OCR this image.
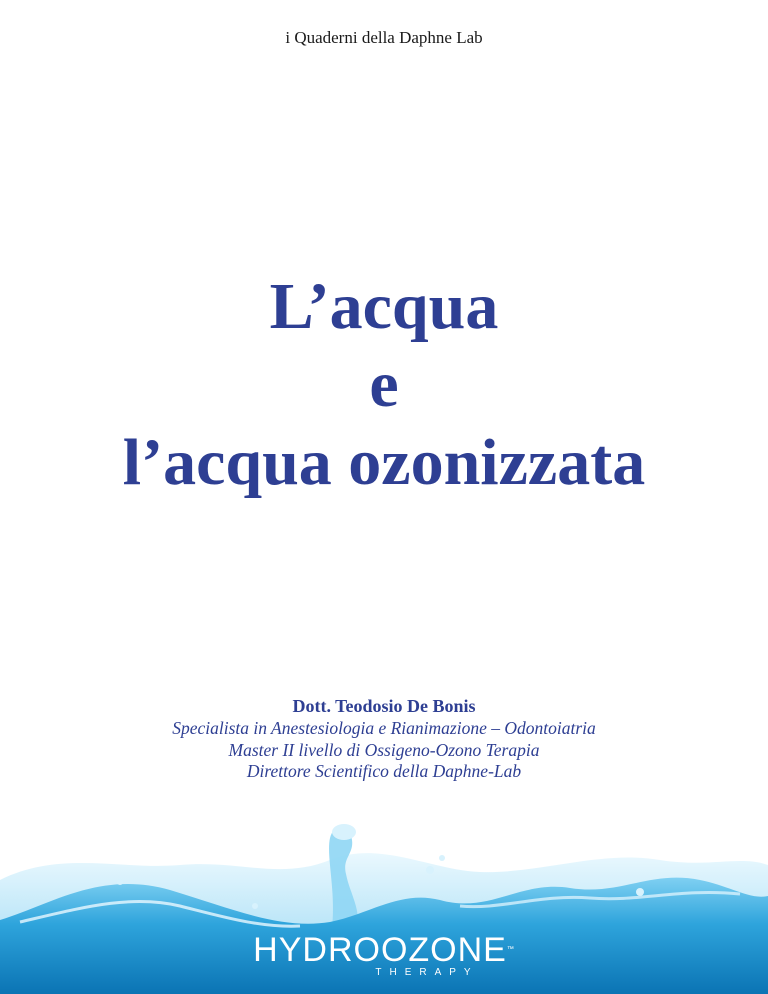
i Quaderni della Daphne Lab
L’acqua
e
l’acqua ozonizzata
Dott. Teodosio De Bonis
Specialista in Anestesiologia e Rianimazione – Odontoiatria
Master II livello di Ossigeno-Ozono Terapia
Direttore Scientifico della Daphne-Lab
HYDROOZONE™
THERAPY
